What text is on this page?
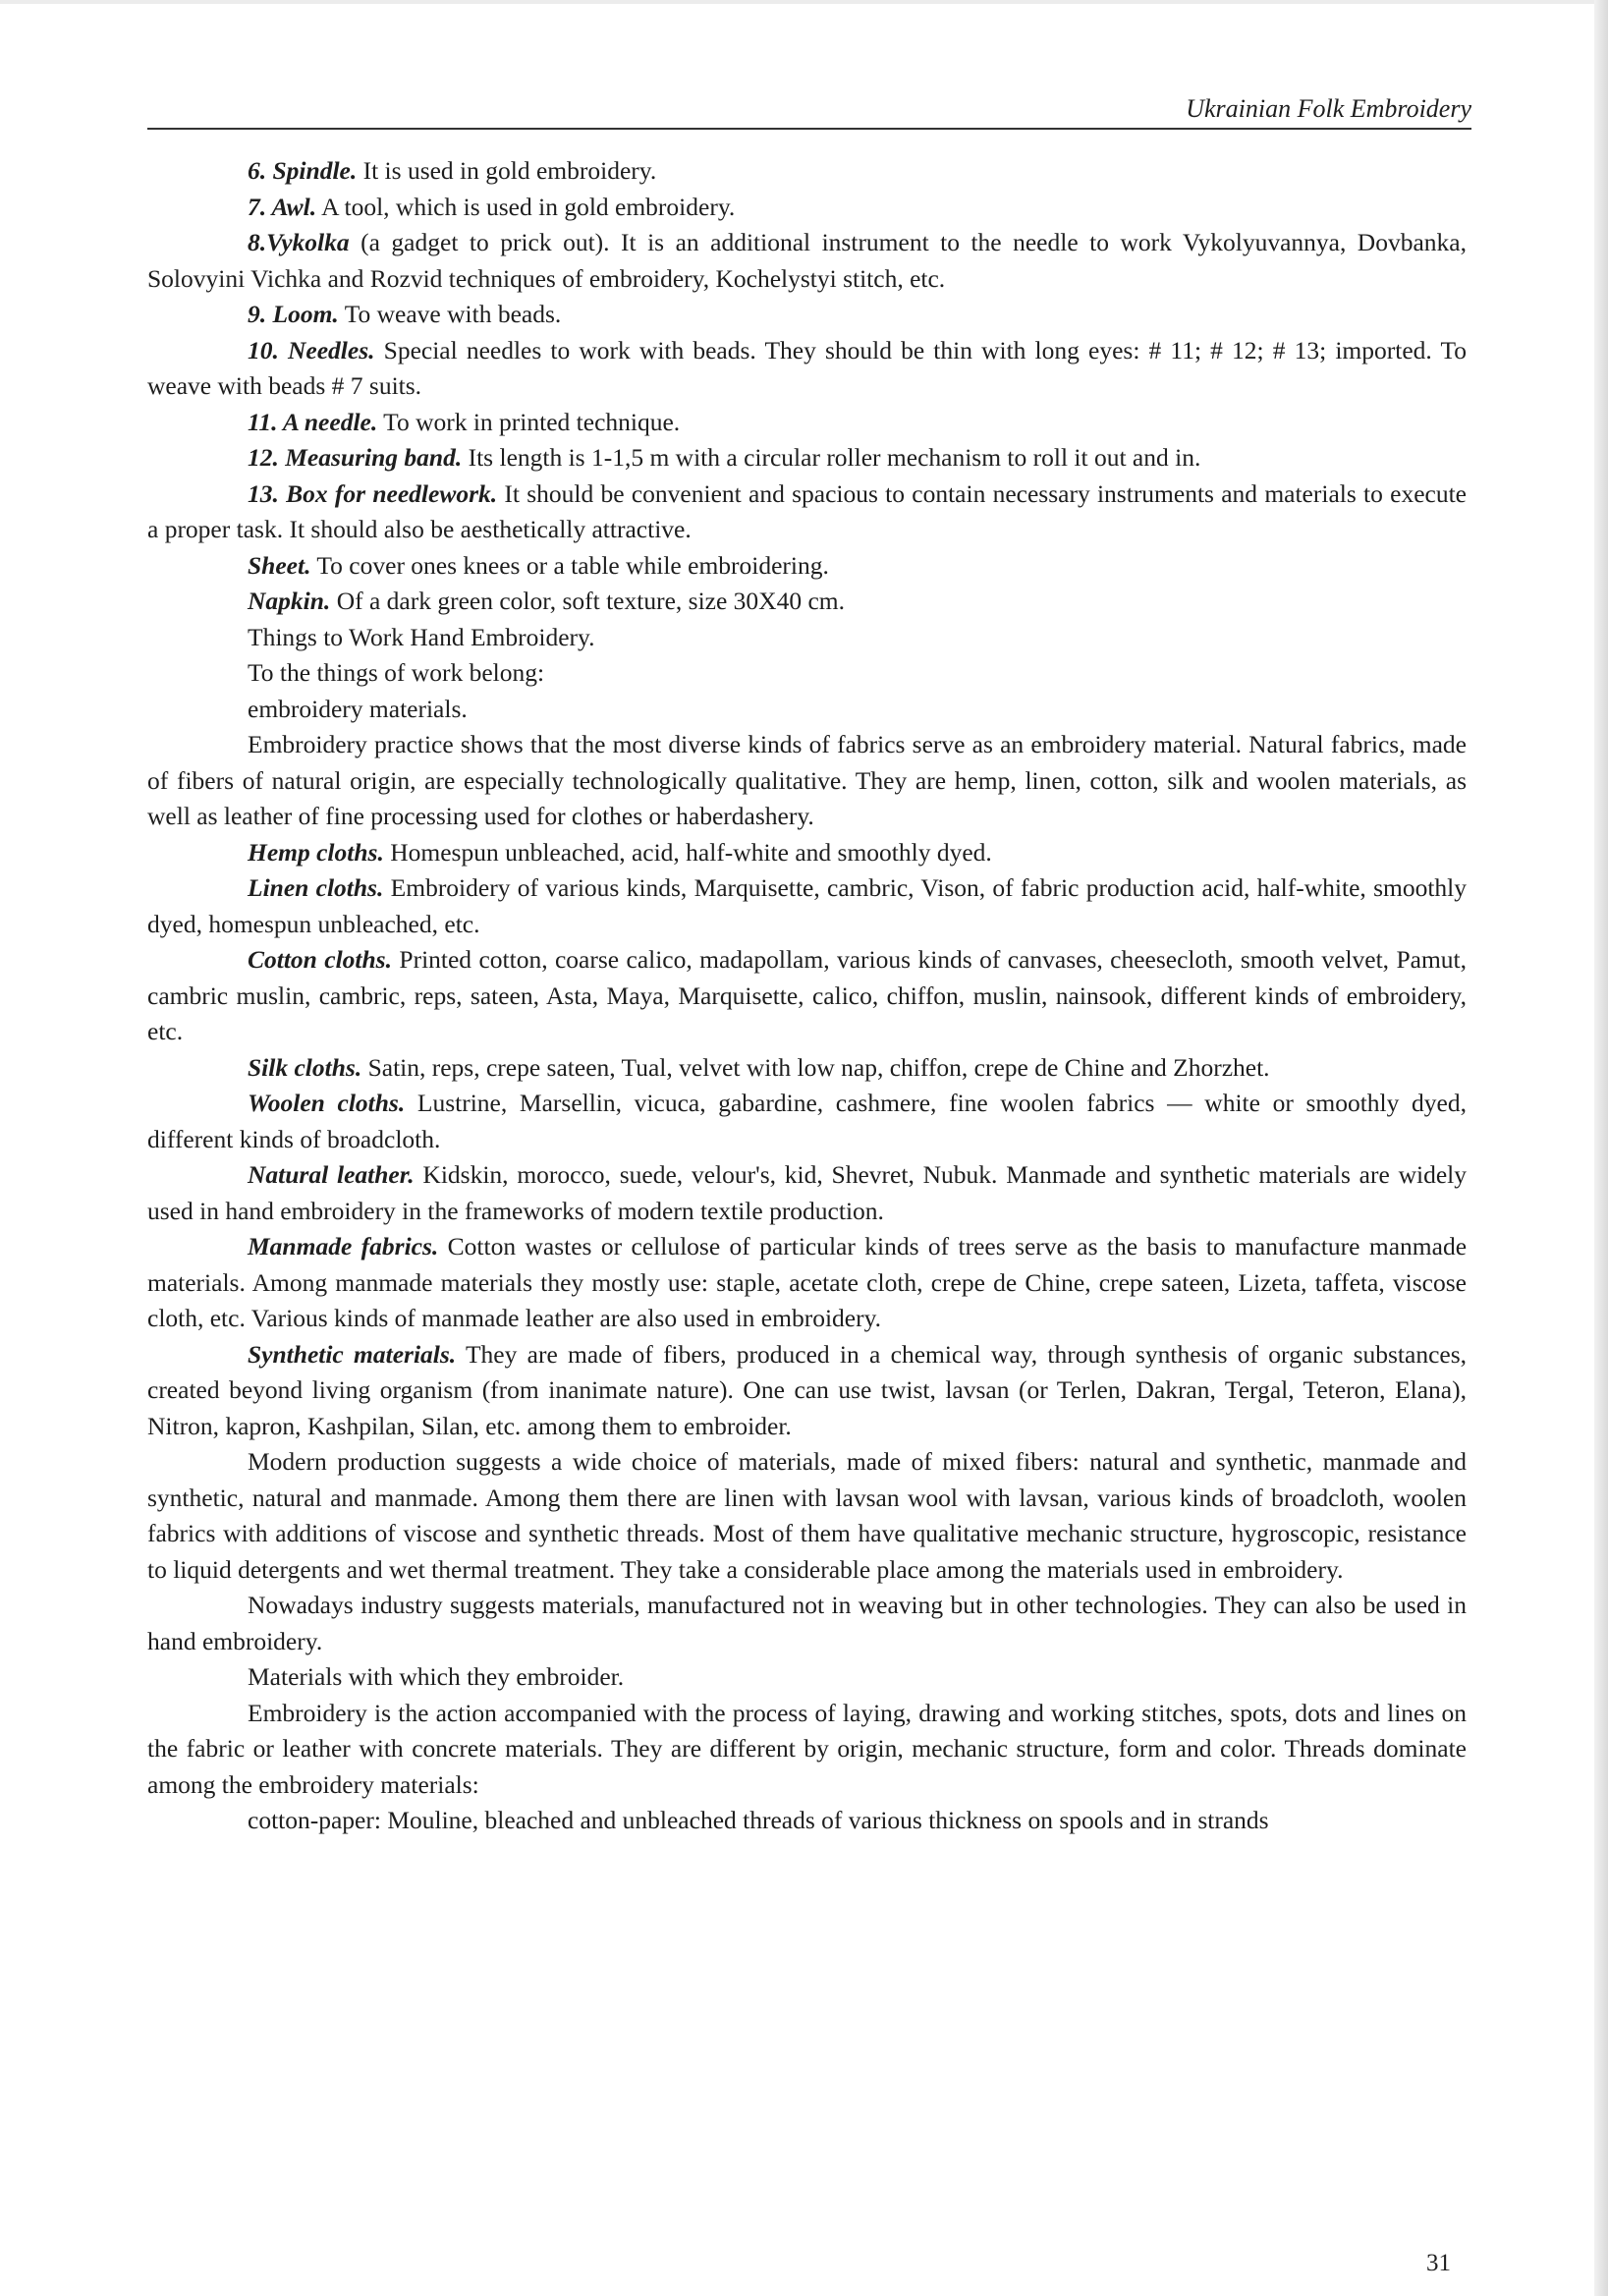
Ukrainian Folk Embroidery

6. Spindle. It is used in gold embroidery.

7. Awl. A tool, which is used in gold embroidery.

8.Vykolka (a gadget to prick out). It is an additional instrument to the needle to work Vykolyuvannya, Dovbanka, Solovyini Vichka and Rozvid techniques of embroidery, Kochelystyi stitch, etc.

9. Loom. To weave with beads.

10. Needles. Special needles to work with beads. They should be thin with long eyes: # 11; # 12; # 13; imported. To weave with beads # 7 suits.

11. A needle. To work in printed technique.

12. Measuring band. Its length is 1-1,5 m with a circular roller mechanism to roll it out and in.

13. Box for needlework. It should be convenient and spacious to contain necessary instruments and materials to execute a proper task. It should also be aesthetically attractive.

Sheet. To cover ones knees or a table while embroidering.

Napkin. Of a dark green color, soft texture, size 30X40 cm.

Things to Work Hand Embroidery.

To the things of work belong:

embroidery materials.

Embroidery practice shows that the most diverse kinds of fabrics serve as an embroidery material. Natural fabrics, made of fibers of natural origin, are especially technologically qualitative. They are hemp, linen, cotton, silk and woolen materials, as well as leather of fine processing used for clothes or haberdashery.

Hemp cloths. Homespun unbleached, acid, half-white and smoothly dyed.

Linen cloths. Embroidery of various kinds, Marquisette, cambric, Vison, of fabric production acid, half-white, smoothly dyed, homespun unbleached, etc.

Cotton cloths. Printed cotton, coarse calico, madapollam, various kinds of canvases, cheesecloth, smooth velvet, Pamut, cambric muslin, cambric, reps, sateen, Asta, Maya, Marquisette, calico, chiffon, muslin, nainsook, different kinds of embroidery, etc.

Silk cloths. Satin, reps, crepe sateen, Tual, velvet with low nap, chiffon, crepe de Chine and Zhorzhet.

Woolen cloths. Lustrine, Marsellin, vicuca, gabardine, cashmere, fine woolen fabrics — white or smoothly dyed, different kinds of broadcloth.

Natural leather. Kidskin, morocco, suede, velour's, kid, Shevret, Nubuk. Manmade and synthetic materials are widely used in hand embroidery in the frameworks of modern textile production.

Manmade fabrics. Cotton wastes or cellulose of particular kinds of trees serve as the basis to manufacture manmade materials. Among manmade materials they mostly use: staple, acetate cloth, crepe de Chine, crepe sateen, Lizeta, taffeta, viscose cloth, etc. Various kinds of manmade leather are also used in embroidery.

Synthetic materials. They are made of fibers, produced in a chemical way, through synthesis of organic substances, created beyond living organism (from inanimate nature). One can use twist, lavsan (or Terlen, Dakran, Tergal, Teteron, Elana), Nitron, kapron, Kashpilan, Silan, etc. among them to embroider.

Modern production suggests a wide choice of materials, made of mixed fibers: natural and synthetic, manmade and synthetic, natural and manmade. Among them there are linen with lavsan wool with lavsan, various kinds of broadcloth, woolen fabrics with additions of viscose and synthetic threads. Most of them have qualitative mechanic structure, hygroscopic, resistance to liquid detergents and wet thermal treatment. They take a considerable place among the materials used in embroidery.

Nowadays industry suggests materials, manufactured not in weaving but in other technologies. They can also be used in hand embroidery.

Materials with which they embroider.

Embroidery is the action accompanied with the process of laying, drawing and working stitches, spots, dots and lines on the fabric or leather with concrete materials. They are different by origin, mechanic structure, form and color. Threads dominate among the embroidery materials:

cotton-paper: Mouline, bleached and unbleached threads of various thickness on spools and in strands

31
